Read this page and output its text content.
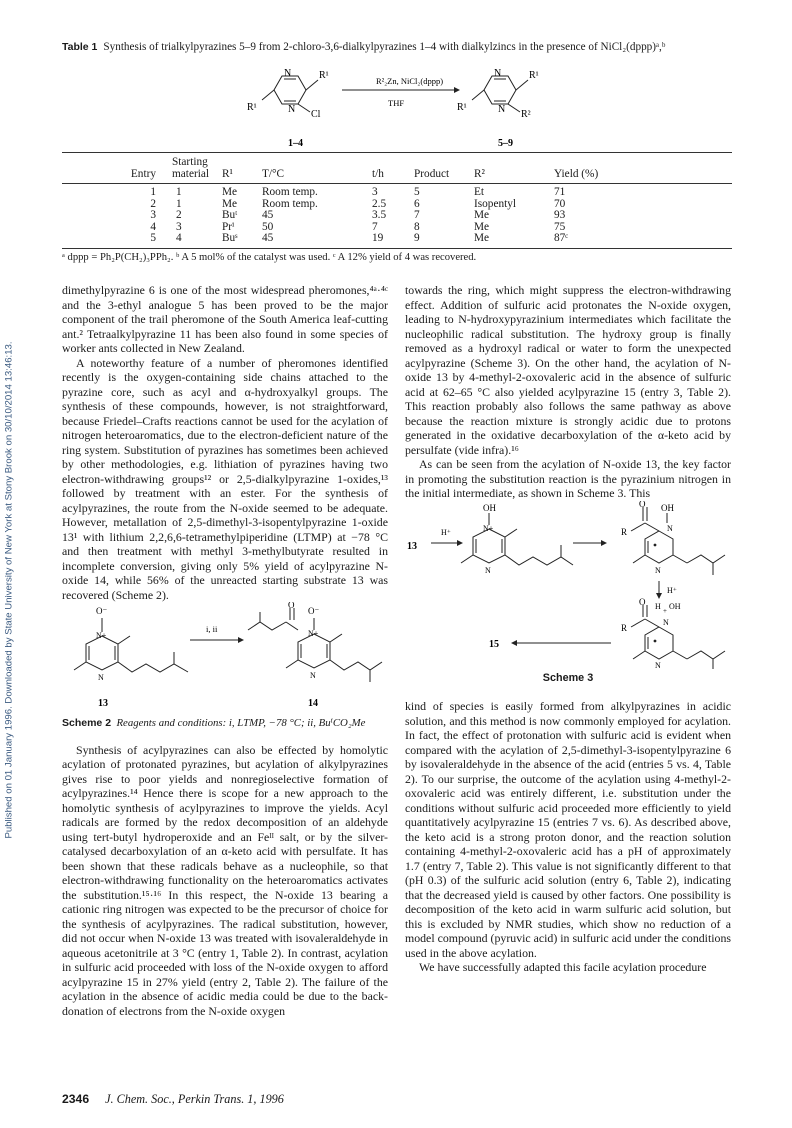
Published on 01 January 1996. Downloaded by State University of New York at Stony Brook on 30/10/2014 13:46:13.
Table 1 Synthesis of trialkylpyrazines 5–9 from 2-chloro-3,6-dialkylpyrazines 1–4 with dialkylzincs in the presence of NiCl₂(dppp)ᵃ,ᵇ
N
N
R¹
R¹
Cl
1–4
R²₂Zn, NiCl₂(dppp)
THF
N
N
R¹
R¹
R²
5–9
Entry	Starting material	R¹	T/°C	t/h	Product	R²	Yield (%)
1	1	Me	Room temp.	3	5	Et	71
2	1	Me	Room temp.	2.5	6	Isopentyl	70
3	2	Buᵗ	45	3.5	7	Me	93
4	3	Prⁱ	50	7	8	Me	75
5	4	Buˢ	45	19	9	Me	87ᶜ
ᵃ dppp = Ph₂P(CH₂)₃PPh₂. ᵇ A 5 mol% of the catalyst was used. ᶜ A 12% yield of 4 was recovered.

dimethylpyrazine 6 is one of the most widespread pheromones,⁴ᵃ·⁴ᶜ and the 3-ethyl analogue 5 has been proved to be the major component of the trail pheromone of the South America leaf-cutting ant.² Tetraalkylpyrazine 11 has been also found in some species of worker ants collected in New Zealand.

A noteworthy feature of a number of pheromones identified recently is the oxygen-containing side chains attached to the pyrazine core, such as acyl and α-hydroxyalkyl groups. The synthesis of these compounds, however, is not straightforward, because Friedel–Crafts reactions cannot be used for the acylation of nitrogen heteroaromatics, due to the electron-deficient nature of the ring system. Substitution of pyrazines has sometimes been achieved by other methodologies, e.g. lithiation of pyrazines having two electron-withdrawing groups¹² or 2,5-dialkylpyrazine 1-oxides,¹³ followed by treatment with an ester. For the synthesis of acylpyrazines, the route from the N-oxide seemed to be adequate. However, metallation of 2,5-dimethyl-3-isopentylpyrazine 1-oxide 13¹ with lithium 2,2,6,6-tetramethylpiperidine (LTMP) at −78 °C and then treatment with methyl 3-methylbutyrate resulted in incomplete conversion, giving only 5% yield of acylpyrazine N-oxide 14, while 56% of the unreacted starting substrate 13 was recovered (Scheme 2).

O⁻
N+
N
13
i, ii
O
O⁻
N+
N
14
Scheme 2 Reagents and conditions: i, LTMP, −78 °C; ii, BuⁱCO₂Me

Synthesis of acylpyrazines can also be effected by homolytic acylation of protonated pyrazines, but acylation of alkylpyrazines gives rise to poor yields and nonregioselective formation of acylpyrazines.¹⁴ Hence there is scope for a new approach to the homolytic synthesis of acylpyrazines to improve the yields. Acyl radicals are formed by the redox decomposition of an aldehyde using tert-butyl hydroperoxide and an Feᴵᴵ salt, or by the silver-catalysed decarboxylation of an α-keto acid with persulfate. It has been shown that these radicals behave as a nucleophile, so that electron-withdrawing functionality on the heteroaromatics activates the substitution.¹⁵·¹⁶ In this respect, the N-oxide 13 bearing a cationic ring nitrogen was expected to be the precursor of choice for the synthesis of acylpyrazines. The radical substitution, however, did not occur when N-oxide 13 was treated with isovaleraldehyde in aqueous acetonitrile at 3 °C (entry 1, Table 2). In contrast, acylation in sulfuric acid proceeded with loss of the N-oxide oxygen to afford acylpyrazine 15 in 27% yield (entry 2, Table 2). The failure of the acylation in the absence of acidic media could be due to the back-donation of electrons from the N-oxide oxygen

towards the ring, which might suppress the electron-withdrawing effect. Addition of sulfuric acid protonates the N-oxide oxygen, leading to N-hydroxypyrazinium intermediates which facilitate the nucleophilic radical substitution. The hydroxy group is finally removed as a hydroxyl radical or water to form the unexpected acylpyrazine (Scheme 3). On the other hand, the acylation of N-oxide 13 by 4-methyl-2-oxovaleric acid in the absence of sulfuric acid at 62–65 °C also yielded acylpyrazine 15 (entry 3, Table 2). This reaction probably also follows the same pathway as above because the reaction mixture is strongly acidic due to protons generated in the oxidative decarboxylation of the α-keto acid by persulfate (vide infra).¹⁶

As can be seen from the acylation of N-oxide 13, the key factor in promoting the substitution reaction is the pyrazinium nitrogen in the initial intermediate, as shown in Scheme 3. This

13
H⁺
OH
N+
N
O OH
R	N
N
H⁺
O H + OH
R
N
N
15
Scheme 3

kind of species is easily formed from alkylpyrazines in acidic solution, and this method is now commonly employed for acylation. In fact, the effect of protonation with sulfuric acid is evident when compared with the acylation of 2,5-dimethyl-3-isopentylpyrazine 6 by isovaleraldehyde in the absence of the acid (entries 5 vs. 4, Table 2). To our surprise, the outcome of the acylation using 4-methyl-2-oxovaleric acid was entirely different, i.e. substitution under the conditions without sulfuric acid proceeded more efficiently to yield quantitatively acylpyrazine 15 (entries 7 vs. 6). As described above, the keto acid is a strong proton donor, and the reaction solution containing 4-methyl-2-oxovaleric acid has a pH of approximately 1.7 (entry 7, Table 2). This value is not significantly different to that (pH 0.3) of the sulfuric acid solution (entry 6, Table 2), indicating that the decreased yield is caused by other factors. One possibility is decomposition of the keto acid in warm sulfuric acid solution, but this is excluded by NMR studies, which show no reduction of a model compound (pyruvic acid) in sulfuric acid under the conditions used in the above acylation.

We have successfully adapted this facile acylation procedure

2346 J. Chem. Soc., Perkin Trans. 1, 1996
